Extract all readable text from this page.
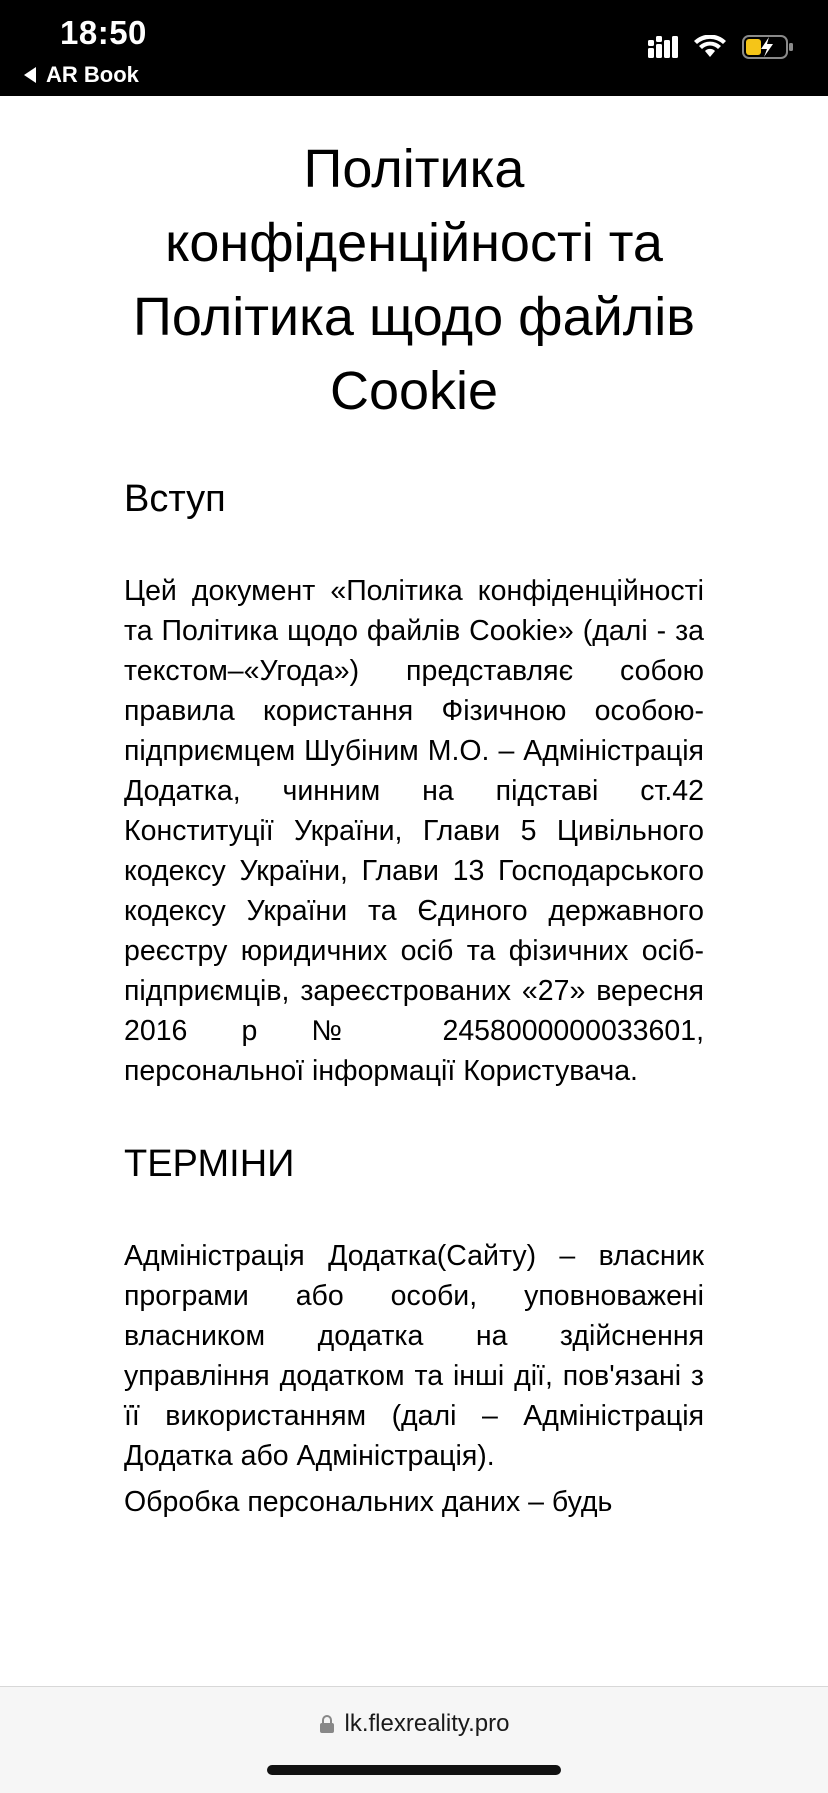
18:50
AR Book
Політика конфіденційності та Політика щодо файлів Cookie
Вступ

Цей документ «Політика конфіденційності та Політика щодо файлів Cookie» (далі - за текстом–«Угода») представляє собою правила користання Фізичною особою-підприємцем Шубіним М.О. – Адміністрація Додатка, чинним на підставі ст.42 Конституції України, Глави 5 Цивільного кодексу України, Глави 13 Господарського кодексу України та Єдиного державного реєстру юридичних осіб та фізичних осіб-підприємців, зареєстрованих «27» вересня 2016 р № 2458000000033601, персональної інформації Користувача.

ТЕРМІНИ

Адміністрація Додатка(Сайту) – власник програми або особи, уповноважені власником додатка на здійснення управління додатком та інші дії, пов'язані з її використанням (далі – Адміністрація Додатка або Адміністрація).

Обробка персональних даних – будь

lk.flexreality.pro
